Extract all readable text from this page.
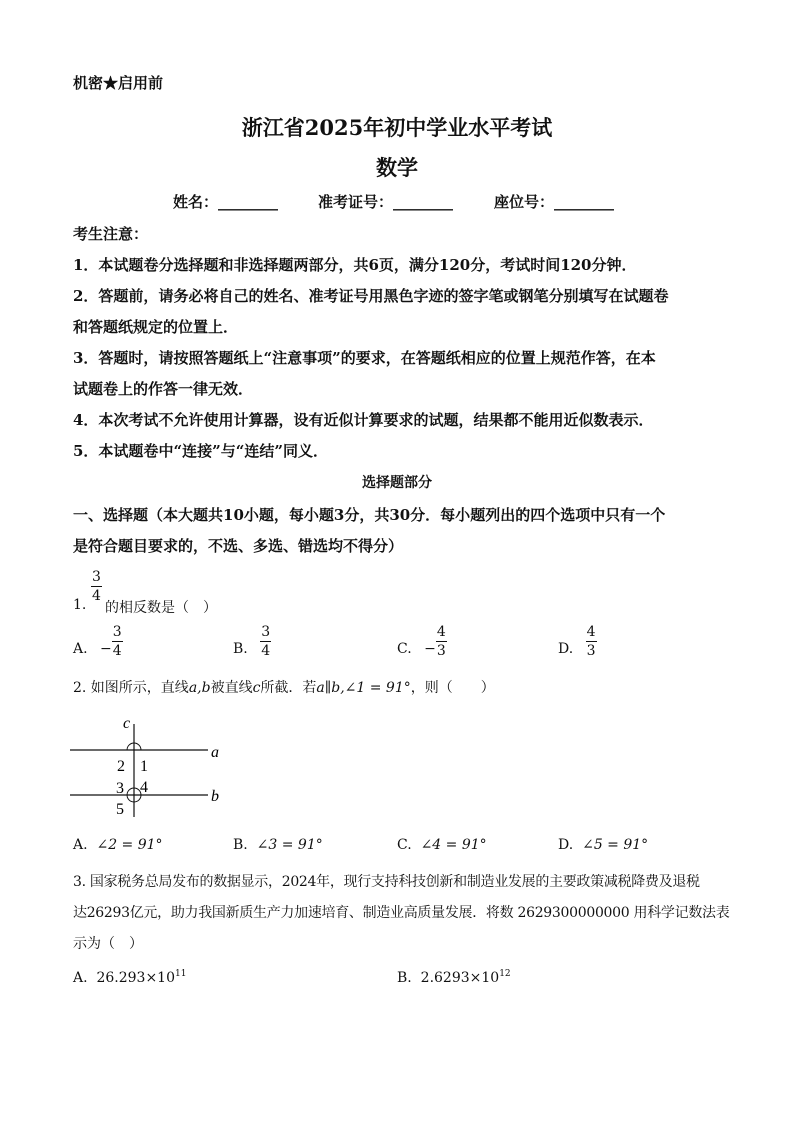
机密★启用前
浙江省2025年初中学业水平考试
数学
姓名：________	准考证号：________	座位号：________
考生注意：
1．本试题卷分选择题和非选择题两部分，共6页，满分120分，考试时间120分钟．
2．答题前，请务必将自己的姓名、准考证号用黑色字迹的签字笔或钢笔分别填写在试题卷
和答题纸规定的位置上．
3．答题时，请按照答题纸上“注意事项”的要求，在答题纸相应的位置上规范作答，在本
试题卷上的作答一律无效．
4．本次考试不允许使用计算器，设有近似计算要求的试题，结果都不能用近似数表示．
5．本试题卷中“连接”与“连结”同义．
选择题部分
一、选择题（本大题共10小题，每小题3分，共30分．每小题列出的四个选项中只有一个
是符合题目要求的，不选、多选、错选均不得分）
1.
$\frac{3}{4}$
的相反数是（　）
A. − $\frac{3}{4}$	B. $\frac{3}{4}$	C. − $\frac{4}{3}$	D. $\frac{4}{3}$
2. 如图所示，直线a,b被直线c所截．若a∥b,∠1 = 91°，则（　　）
c
a
b
2 1
3 4
5
A. ∠2 = 91°	B. ∠3 = 91°	C. ∠4 = 91°	D. ∠5 = 91°
3. 国家税务总局发布的数据显示，2024年，现行支持科技创新和制造业发展的主要政策减税降费及退税
达26293亿元，助力我国新质生产力加速培育、制造业高质量发展．将数 2629300000000 用科学记数法表
示为（　）
A. $26.293\times 10^{11}$	B. $2.6293\times 10^{12}$
